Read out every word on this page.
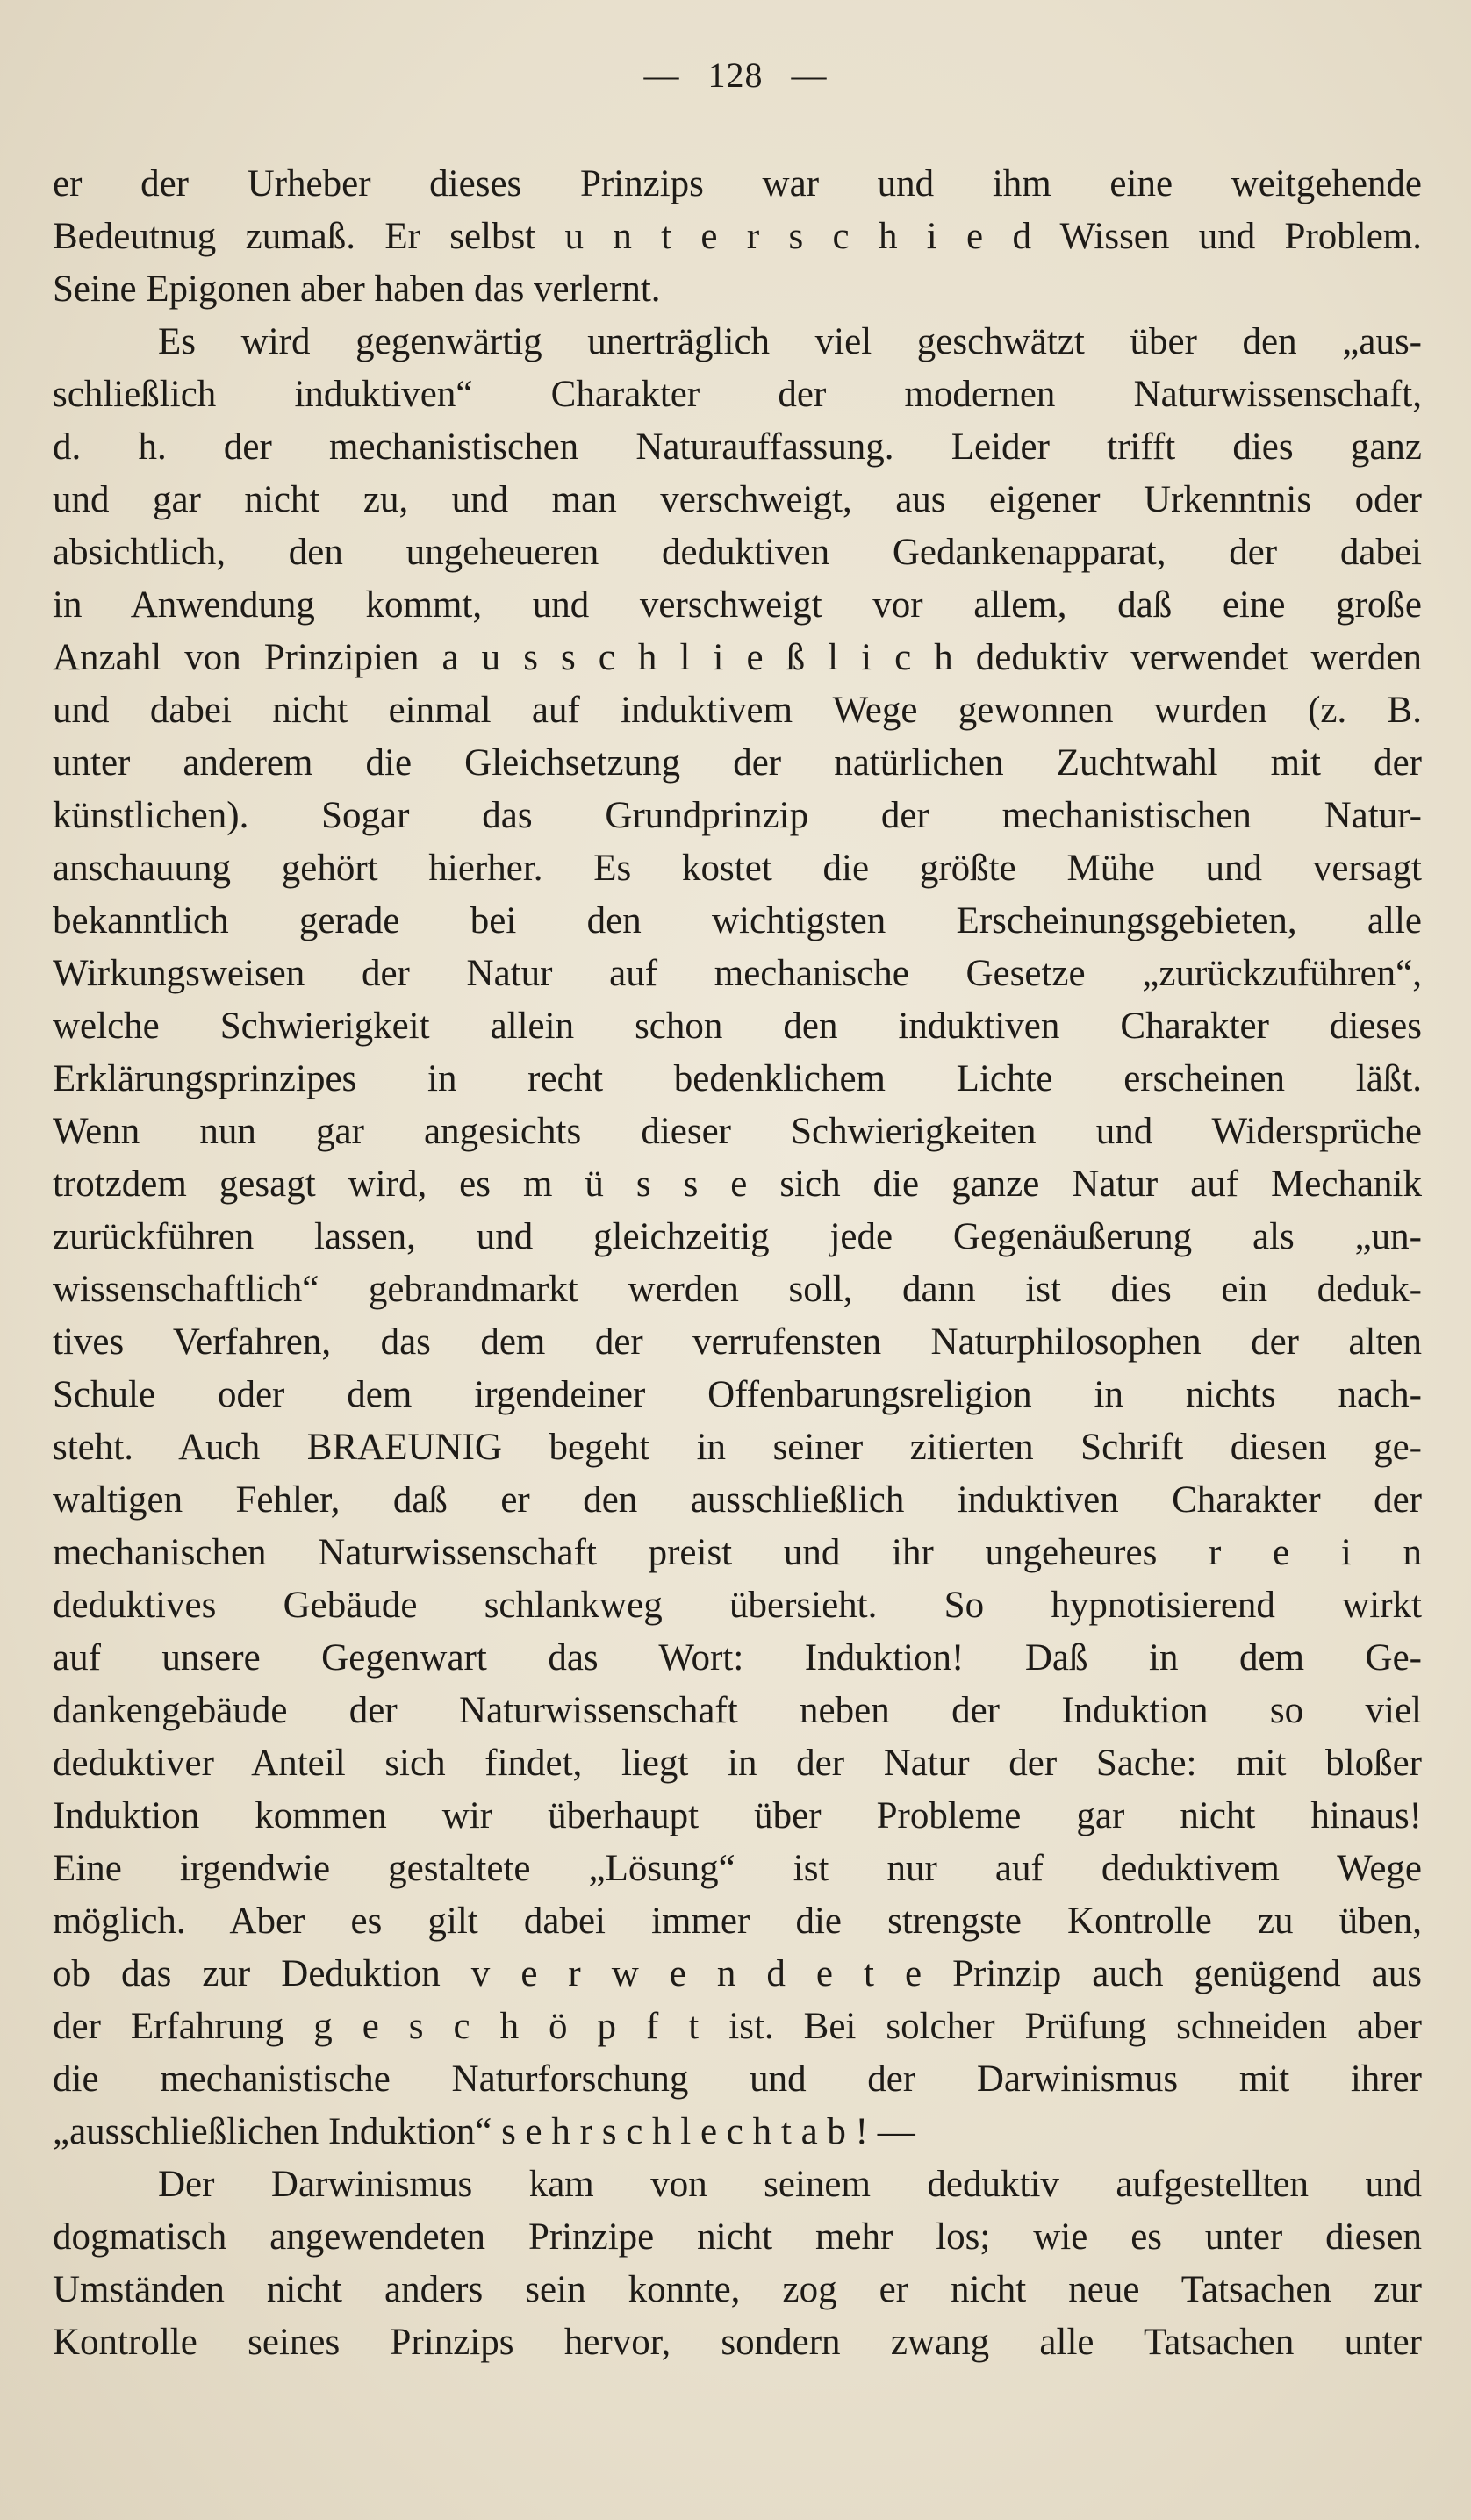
— 128 —
er der Urheber dieses Prinzips war und ihm eine weitgehende
Bedeutnug zumaß. Er selbst u n t e r s c h i e d Wissen und Problem.
Seine Epigonen aber haben das verlernt.
Es wird gegenwärtig unerträglich viel geschwätzt über den „aus-
schließlich induktiven“ Charakter der modernen Naturwissenschaft,
d. h. der mechanistischen Naturauffassung. Leider trifft dies ganz
und gar nicht zu, und man verschweigt, aus eigener Urkenntnis oder
absichtlich, den ungeheueren deduktiven Gedankenapparat, der dabei
in Anwendung kommt, und verschweigt vor allem, daß eine große
Anzahl von Prinzipien a u s s c h l i e ß l i c h deduktiv verwendet werden
und dabei nicht einmal auf induktivem Wege gewonnen wurden (z. B.
unter anderem die Gleichsetzung der natürlichen Zuchtwahl mit der
künstlichen). Sogar das Grundprinzip der mechanistischen Natur-
anschauung gehört hierher. Es kostet die größte Mühe und versagt
bekanntlich gerade bei den wichtigsten Erscheinungsgebieten, alle
Wirkungsweisen der Natur auf mechanische Gesetze „zurückzuführen“,
welche Schwierigkeit allein schon den induktiven Charakter dieses
Erklärungsprinzipes in recht bedenklichem Lichte erscheinen läßt.
Wenn nun gar angesichts dieser Schwierigkeiten und Widersprüche
trotzdem gesagt wird, es m ü s s e sich die ganze Natur auf Mechanik
zurückführen lassen, und gleichzeitig jede Gegenäußerung als „un-
wissenschaftlich“ gebrandmarkt werden soll, dann ist dies ein deduk-
tives Verfahren, das dem der verrufensten Naturphilosophen der alten
Schule oder dem irgendeiner Offenbarungsreligion in nichts nach-
steht. Auch BRAEUNIG begeht in seiner zitierten Schrift diesen ge-
waltigen Fehler, daß er den ausschließlich induktiven Charakter der
mechanischen Naturwissenschaft preist und ihr ungeheures r e i n
deduktives Gebäude schlankweg übersieht. So hypnotisierend wirkt
auf unsere Gegenwart das Wort: Induktion! Daß in dem Ge-
dankengebäude der Naturwissenschaft neben der Induktion so viel
deduktiver Anteil sich findet, liegt in der Natur der Sache: mit bloßer
Induktion kommen wir überhaupt über Probleme gar nicht hinaus!
Eine irgendwie gestaltete „Lösung“ ist nur auf deduktivem Wege
möglich. Aber es gilt dabei immer die strengste Kontrolle zu üben,
ob das zur Deduktion v e r w e n d e t e Prinzip auch genügend aus
der Erfahrung g e s c h ö p f t ist. Bei solcher Prüfung schneiden aber
die mechanistische Naturforschung und der Darwinismus mit ihrer
„ausschließlichen Induktion“ s e h r s c h l e c h t a b ! —
Der Darwinismus kam von seinem deduktiv aufgestellten und
dogmatisch angewendeten Prinzipe nicht mehr los; wie es unter diesen
Umständen nicht anders sein konnte, zog er nicht neue Tatsachen zur
Kontrolle seines Prinzips hervor, sondern zwang alle Tatsachen unter
